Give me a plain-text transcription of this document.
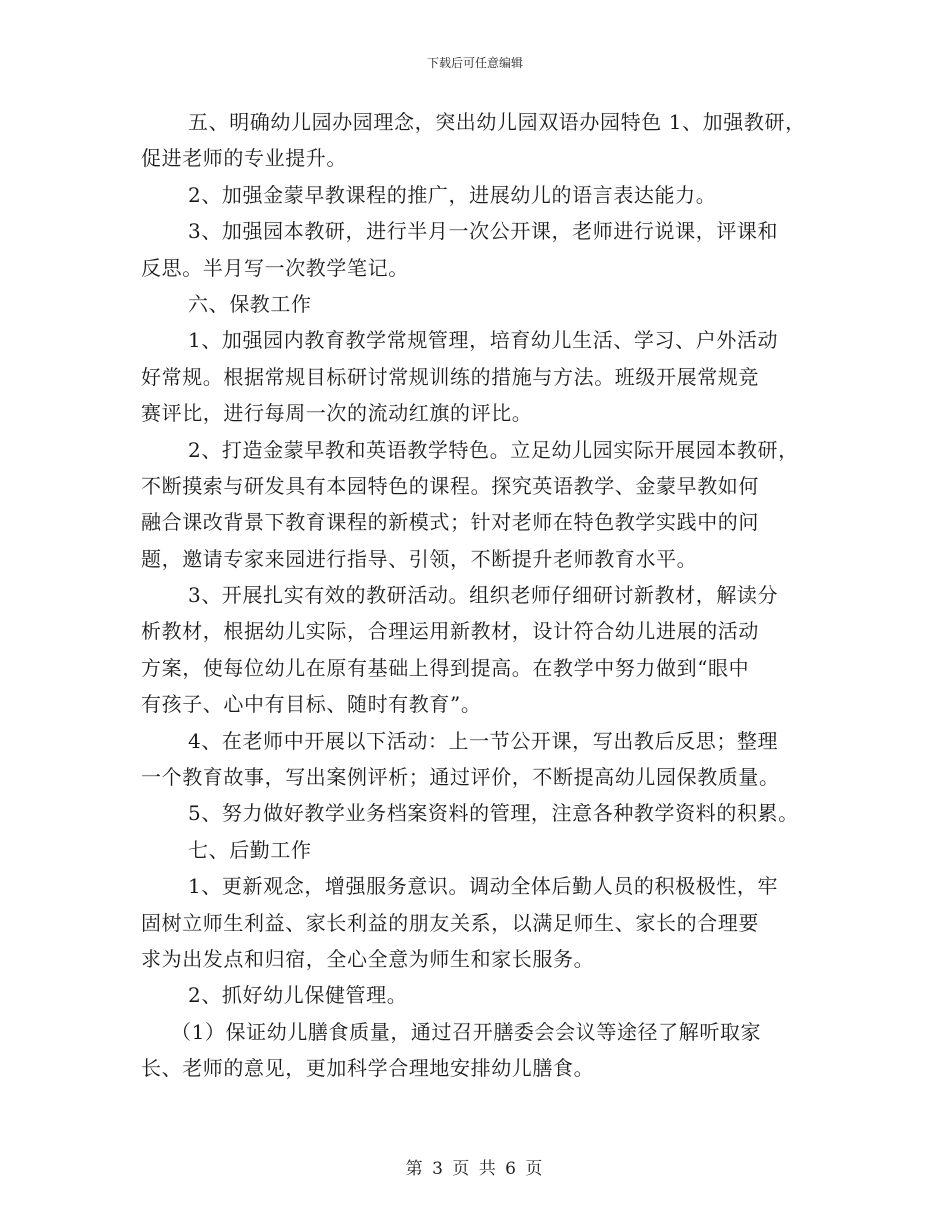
下载后可任意编辑
五、明确幼儿园办园理念，突出幼儿园双语办园特色 1、加强教研，
促进老师的专业提升。
2、加强金蒙早教课程的推广，进展幼儿的语言表达能力。
3、加强园本教研，进行半月一次公开课，老师进行说课，评课和
反思。半月写一次教学笔记。
六、保教工作
1、加强园内教育教学常规管理，培育幼儿生活、学习、户外活动
好常规。根据常规目标研讨常规训练的措施与方法。班级开展常规竞
赛评比，进行每周一次的流动红旗的评比。
2、打造金蒙早教和英语教学特色。立足幼儿园实际开展园本教研，
不断摸索与研发具有本园特色的课程。探究英语教学、金蒙早教如何
融合课改背景下教育课程的新模式；针对老师在特色教学实践中的问
题，邀请专家来园进行指导、引领，不断提升老师教育水平。
3、开展扎实有效的教研活动。组织老师仔细研讨新教材，解读分
析教材，根据幼儿实际，合理运用新教材，设计符合幼儿进展的活动
方案，使每位幼儿在原有基础上得到提高。在教学中努力做到“眼中
有孩子、心中有目标、随时有教育”。
4、在老师中开展以下活动：上一节公开课，写出教后反思；整理
一个教育故事，写出案例评析；通过评价，不断提高幼儿园保教质量。
5、努力做好教学业务档案资料的管理，注意各种教学资料的积累。
七、后勤工作
1、更新观念，增强服务意识。调动全体后勤人员的积极极性，牢
固树立师生利益、家长利益的朋友关系，以满足师生、家长的合理要
求为出发点和归宿，全心全意为师生和家长服务。
2、抓好幼儿保健管理。
（1）保证幼儿膳食质量，通过召开膳委会会议等途径了解听取家
长、老师的意见，更加科学合理地安排幼儿膳食。
第 3 页 共 6 页
